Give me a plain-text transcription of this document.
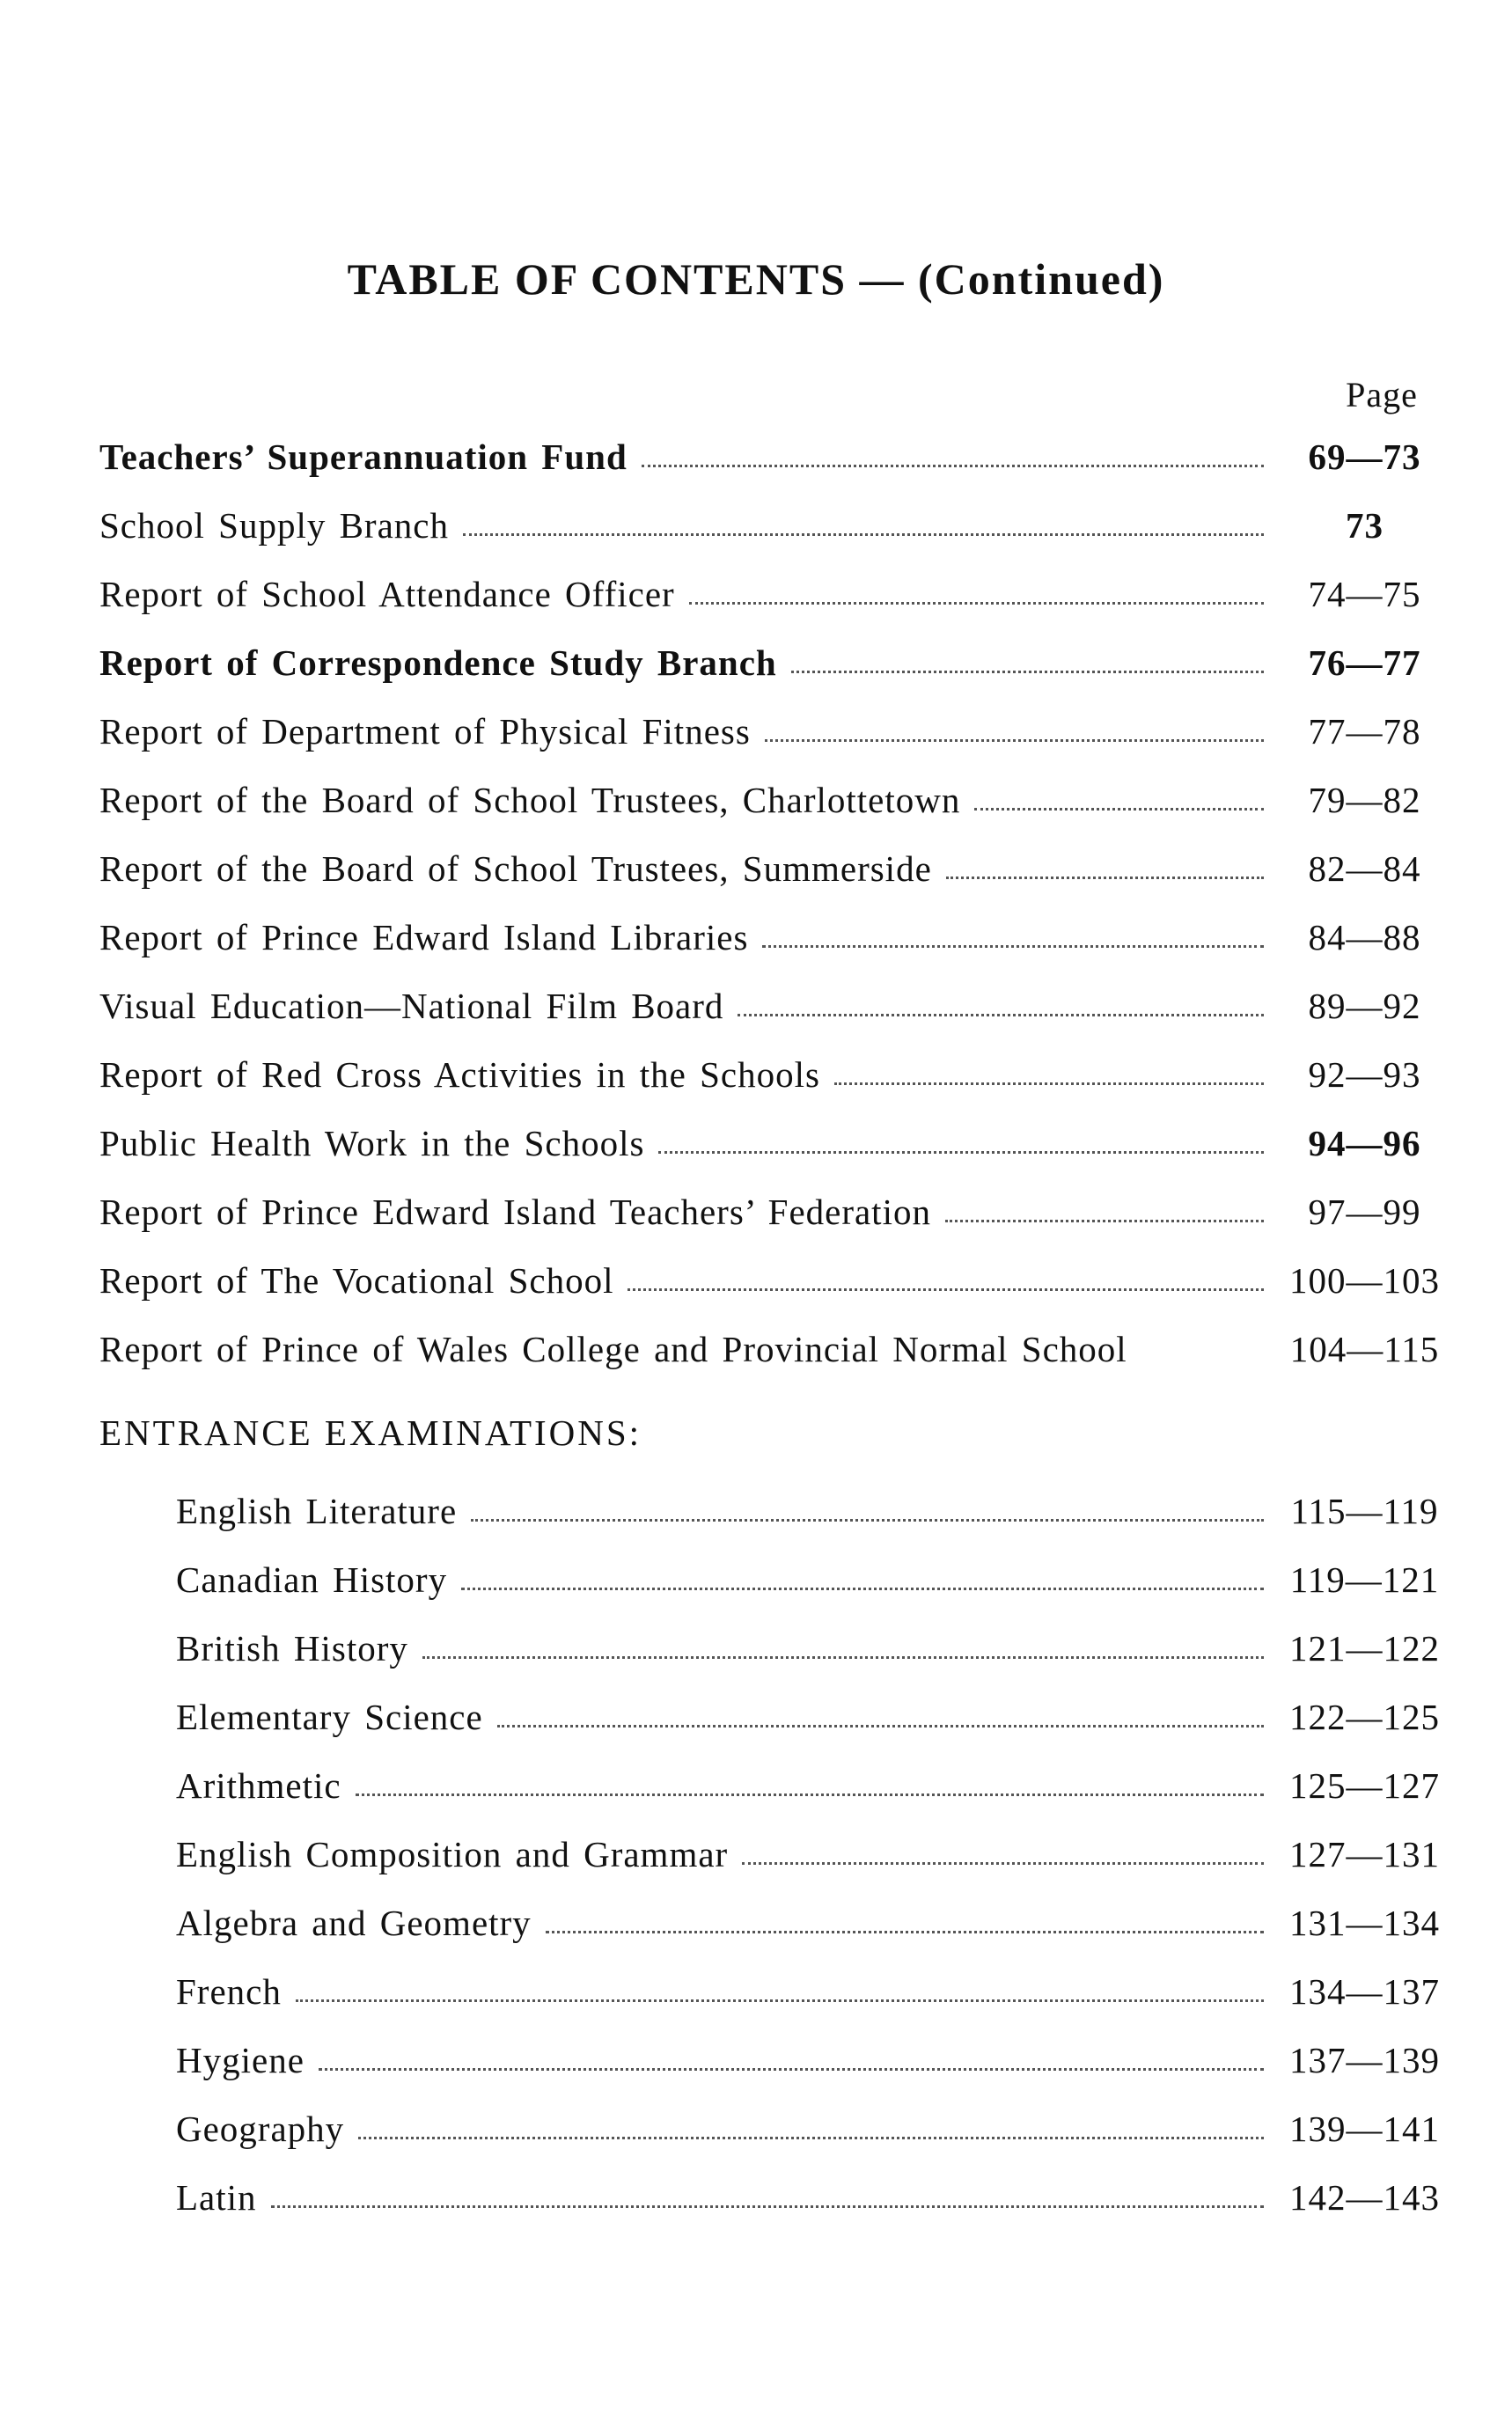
TABLE OF CONTENTS — (Continued)
Page
Teachers’ Superannuation Fund	69—73
School Supply Branch	73
Report of School Attendance Officer	74—75
Report of Correspondence Study Branch	76—77
Report of Department of Physical Fitness	77—78
Report of the Board of School Trustees, Charlottetown	79—82
Report of the Board of School Trustees, Summerside	82—84
Report of Prince Edward Island Libraries	84—88
Visual Education—National Film Board	89—92
Report of Red Cross Activities in the Schools	92—93
Public Health Work in the Schools	94—96
Report of Prince Edward Island Teachers’ Federation	97—99
Report of The Vocational School	100—103
Report of Prince of Wales College and Provincial Normal School	104—115
ENTRANCE EXAMINATIONS:
English Literature	115—119
Canadian History	119—121
British History	121—122
Elementary Science	122—125
Arithmetic	125—127
English Composition and Grammar	127—131
Algebra and Geometry	131—134
French	134—137
Hygiene	137—139
Geography	139—141
Latin	142—143
